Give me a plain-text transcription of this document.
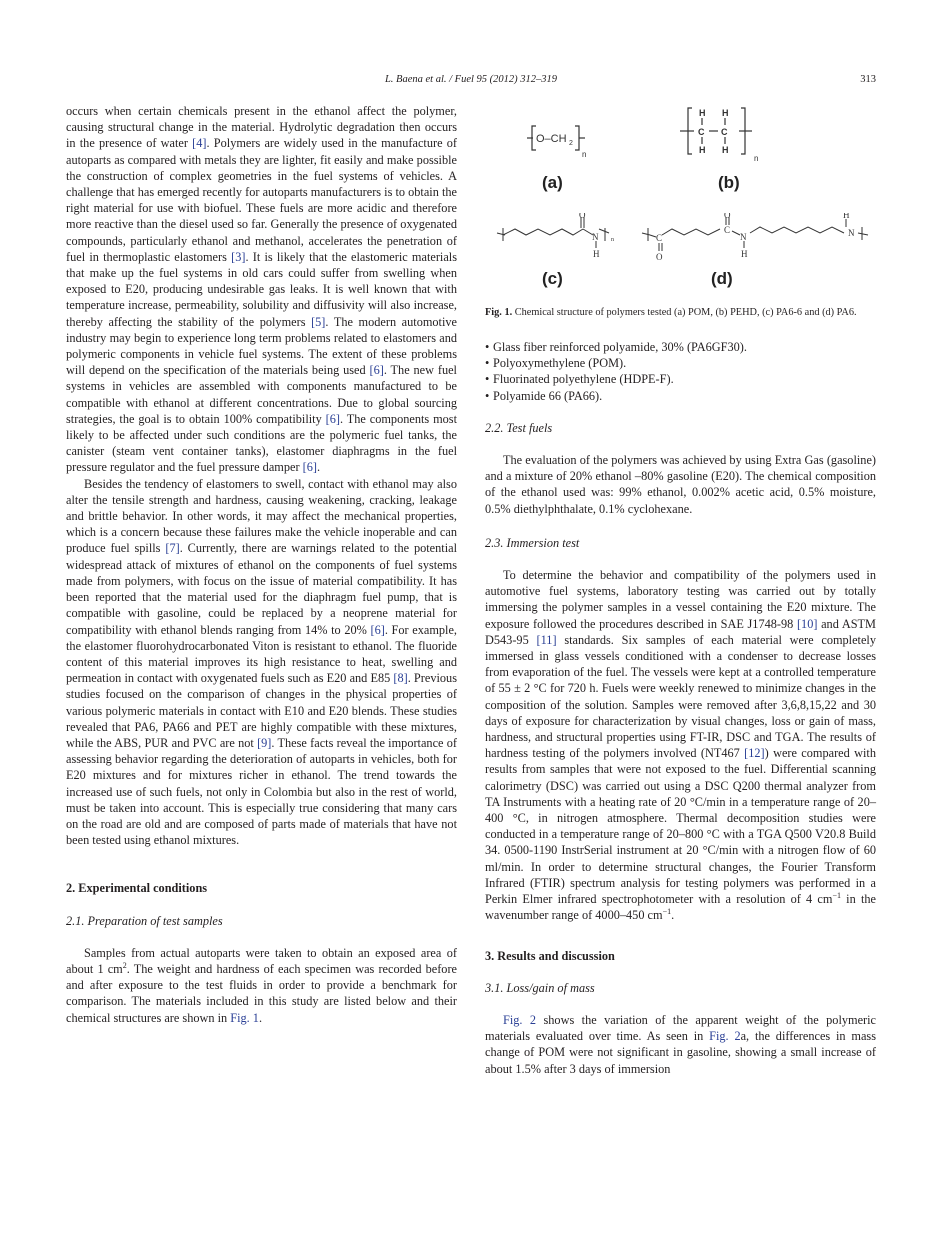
L. Baena et al. / Fuel 95 (2012) 312–319	313

occurs when certain chemicals present in the ethanol affect the polymer, causing structural change in the material. Hydrolytic degradation then occurs in the presence of water [4]. Polymers are widely used in the manufacture of autoparts as compared with metals they are lighter, fit easily and make possible the construction of complex geometries in the fuel systems of vehicles. A challenge that has emerged recently for autoparts manufacturers is to obtain the right material for use with biofuel. These fuels are more acidic and therefore more reactive than the diesel used so far. Generally the presence of oxygenated compounds, particularly ethanol and methanol, accelerates the penetration of fuel in thermoplastic elastomers [3]. It is likely that the elastomeric materials that make up the fuel systems in old cars could suffer from swelling when exposed to E20, producing undesirable gas leaks. It is well known that with temperature increase, permeability, solubility and diffusivity will also increase, thereby affecting the stability of the polymers [5]. The modern automotive industry may begin to experience long term problems related to elastomers and polymeric components in vehicle fuel systems. The extent of these problems will depend on the specification of the materials being used [6]. The new fuel systems in vehicles are assembled with components manufactured to be compatible with ethanol at different concentrations. Due to global sourcing strategies, the goal is to obtain 100% compatibility [6]. The components most likely to be affected under such conditions are the polymeric fuel tanks, the canister (steam vent container tanks), elastomer diaphragms in the fuel pressure regulator and the fuel pressure damper [6].

Besides the tendency of elastomers to swell, contact with ethanol may also alter the tensile strength and hardness, causing weakening, cracking, leakage and brittle behavior. In other words, it may affect the mechanical properties, which is a concern because these failures make the vehicle inoperable and can produce fuel spills [7]. Currently, there are warnings related to the potential widespread attack of mixtures of ethanol on the components of fuel systems made from polymers, with focus on the issue of material compatibility. It has been reported that the material used for the diaphragm fuel pump, that is compatible with gasoline, could be replaced by a neoprene material for compatibility with ethanol blends ranging from 14% to 20% [6]. For example, the elastomer fluorohydrocarbonated Viton is resistant to ethanol. The fluoride content of this material improves its high resistance to heat, swelling and permeation in contact with oxygenated fuels such as E20 and E85 [8]. Previous studies focused on the comparison of changes in the physical properties of various polymeric materials in contact with E10 and E20 blends. These studies revealed that PA6, PA66 and PET are highly compatible with these mixtures, while the ABS, PUR and PVC are not [9]. These facts reveal the importance of assessing behavior regarding the deterioration of autoparts in vehicles, both for E20 mixtures and for mixtures richer in ethanol. The trend towards the increased use of such fuels, not only in Colombia but also in the rest of world, must be taken into account. This is especially true considering that many cars on the road are old and are composed of parts made of materials that have not been tested using ethanol mixtures.

2. Experimental conditions

2.1. Preparation of test samples

Samples from actual autoparts were taken to obtain an exposed area of about 1 $cm^2$. The weight and hardness of each specimen was recorded before and after exposure to the test fluids in order to provide a benchmark for comparison. The materials included in this study are listed below and their chemical structures are shown in Fig. 1.

O–CH 2
n
(a)
H H
C C
H H
n
(b)
O
N
H
n
(c)
C
O
O
C
N
H
H
N
(d)

Fig. 1. Chemical structure of polymers tested (a) POM, (b) PEHD, (c) PA6-6 and (d) PA6.

• Glass fiber reinforced polyamide, 30% (PA6GF30).
• Polyoxymethylene (POM).
• Fluorinated polyethylene (HDPE-F).
• Polyamide 66 (PA66).

2.2. Test fuels

The evaluation of the polymers was achieved by using Extra Gas (gasoline) and a mixture of 20% ethanol –80% gasoline (E20). The chemical composition of the ethanol used was: 99% ethanol, 0.002% acetic acid, 0.5% moisture, 0.5% diethylphthalate, 0.1% cyclohexane.

2.3. Immersion test

To determine the behavior and compatibility of the polymers used in automotive fuel systems, laboratory testing was carried out by totally immersing the polymer samples in a vessel containing the E20 mixture. The exposure followed the procedures described in SAE J1748-98 [10] and ASTM D543-95 [11] standards. Six samples of each material were completely immersed in glass vessels conditioned with a condenser to decrease losses from evaporation of the fuel. The vessels were kept at a controlled temperature of 55 ± 2 °C for 720 h. Fuels were weekly renewed to minimize changes in the composition of the solution. Samples were removed after 3,6,8,15,22 and 30 days of exposure for characterization by visual changes, loss or gain of mass, hardness, and structural properties using FT-IR, DSC and TGA. The results of hardness testing of the polymers involved (NT467 [12]) were compared with results from samples that were not exposed to the fuel. Differential scanning calorimetry (DSC) was carried out using a DSC Q200 thermal analyzer from TA Instruments with a heating rate of 20 °C/min in a temperature range of 20–400 °C, in nitrogen atmosphere. Thermal decomposition studies were conducted in a temperature range of 20–800 °C with a TGA Q500 V20.8 Build 34. 0500-1190 InstrSerial instrument at 20 °C/min with a nitrogen flow of 60 ml/min. In order to determine structural changes, the Fourier Transform Infrared (FTIR) spectrum analysis for testing polymers was performed in a Perkin Elmer infrared spectrophotometer with a resolution of 4 $cm^{-1}$ in the wavenumber range of 4000–450 $cm^{-1}$.

3. Results and discussion

3.1. Loss/gain of mass

Fig. 2 shows the variation of the apparent weight of the polymeric materials evaluated over time. As seen in Fig. 2a, the differences in mass change of POM were not significant in gasoline, showing a small increase of about 1.5% after 3 days of immersion
